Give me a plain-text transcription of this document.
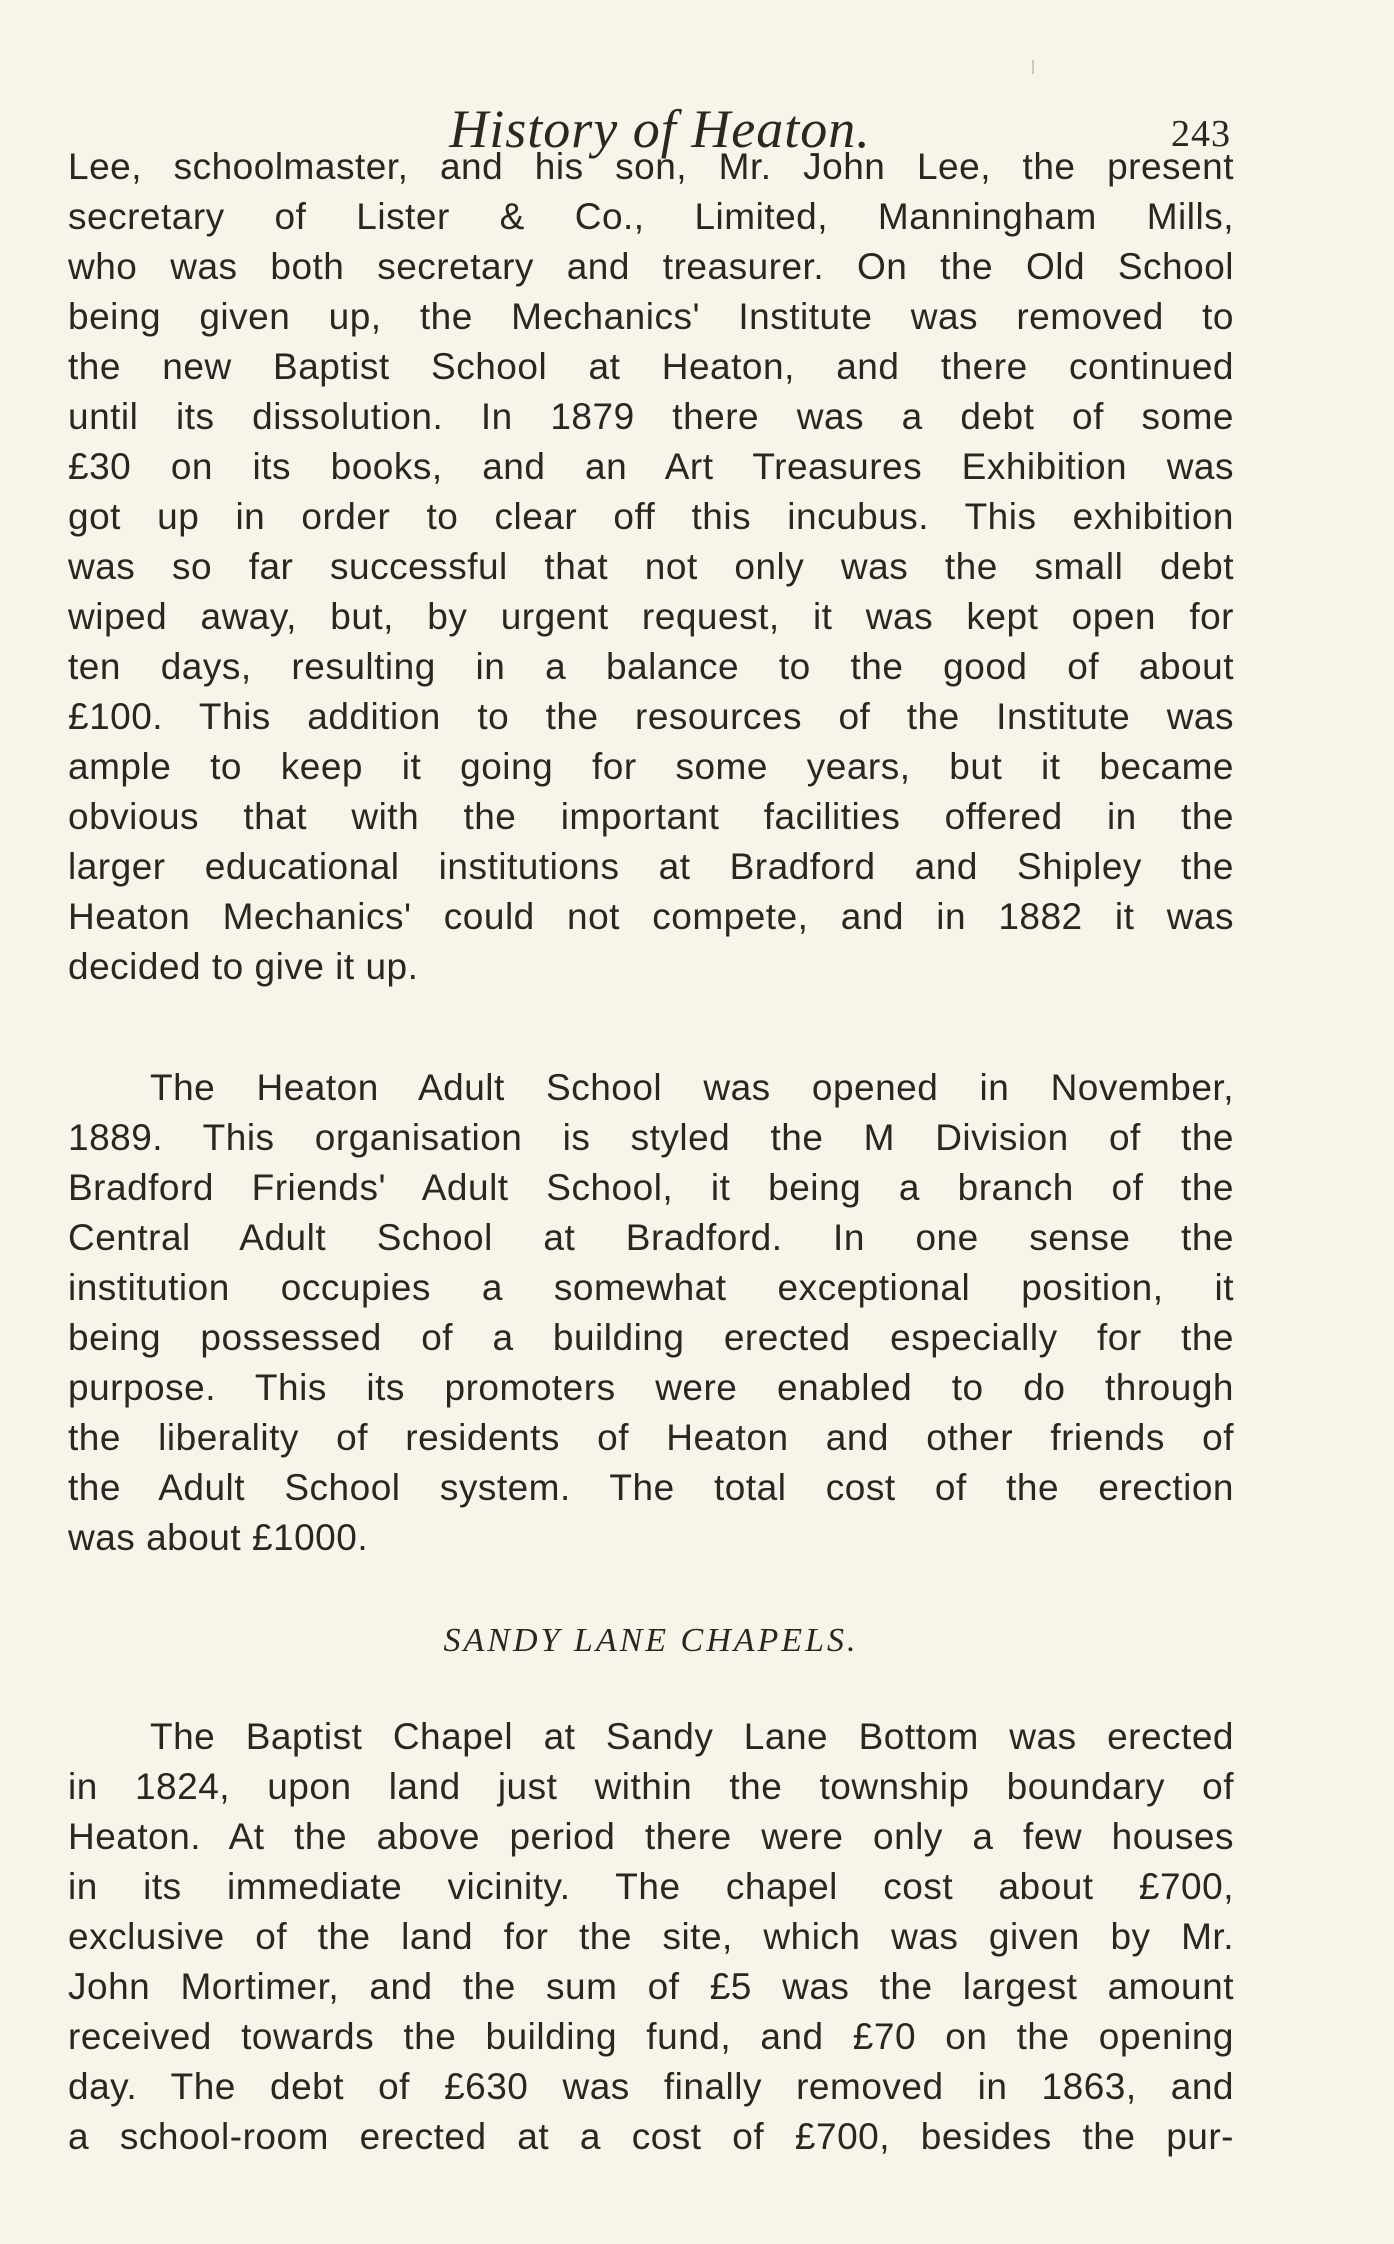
History of Heaton.	243
Lee, schoolmaster, and his son, Mr. John Lee, the present
secretary of Lister & Co., Limited, Manningham Mills,
who was both secretary and treasurer. On the Old School
being given up, the Mechanics' Institute was removed to
the new Baptist School at Heaton, and there continued
until its dissolution. In 1879 there was a debt of some
£30 on its books, and an Art Treasures Exhibition was
got up in order to clear off this incubus. This exhibition
was so far successful that not only was the small debt
wiped away, but, by urgent request, it was kept open for
ten days, resulting in a balance to the good of about
£100. This addition to the resources of the Institute was
ample to keep it going for some years, but it became
obvious that with the important facilities offered in the
larger educational institutions at Bradford and Shipley the
Heaton Mechanics' could not compete, and in 1882 it was
decided to give it up.
The Heaton Adult School was opened in November,
1889. This organisation is styled the M Division of the
Bradford Friends' Adult School, it being a branch of the
Central Adult School at Bradford. In one sense the
institution occupies a somewhat exceptional position, it
being possessed of a building erected especially for the
purpose. This its promoters were enabled to do through
the liberality of residents of Heaton and other friends of
the Adult School system. The total cost of the erection
was about £1000.
SANDY LANE CHAPELS.
The Baptist Chapel at Sandy Lane Bottom was erected
in 1824, upon land just within the township boundary of
Heaton. At the above period there were only a few houses
in its immediate vicinity. The chapel cost about £700,
exclusive of the land for the site, which was given by Mr.
John Mortimer, and the sum of £5 was the largest amount
received towards the building fund, and £70 on the opening
day. The debt of £630 was finally removed in 1863, and
a school-room erected at a cost of £700, besides the pur-
